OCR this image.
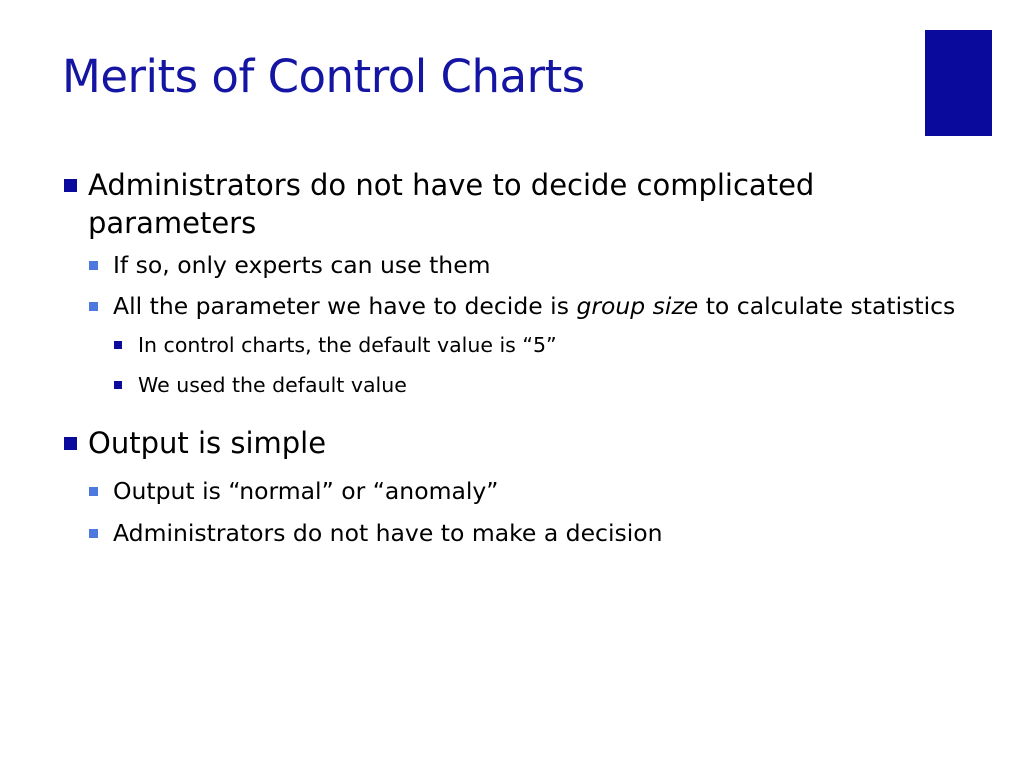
Merits of Control Charts
Administrators do not have to decide complicated parameters
If so, only experts can use them
All the parameter we have to decide is group size to calculate statistics
In control charts, the default value is “5”
We used the default value
Output is simple
Output is “normal” or “anomaly”
Administrators do not have to make a decision
